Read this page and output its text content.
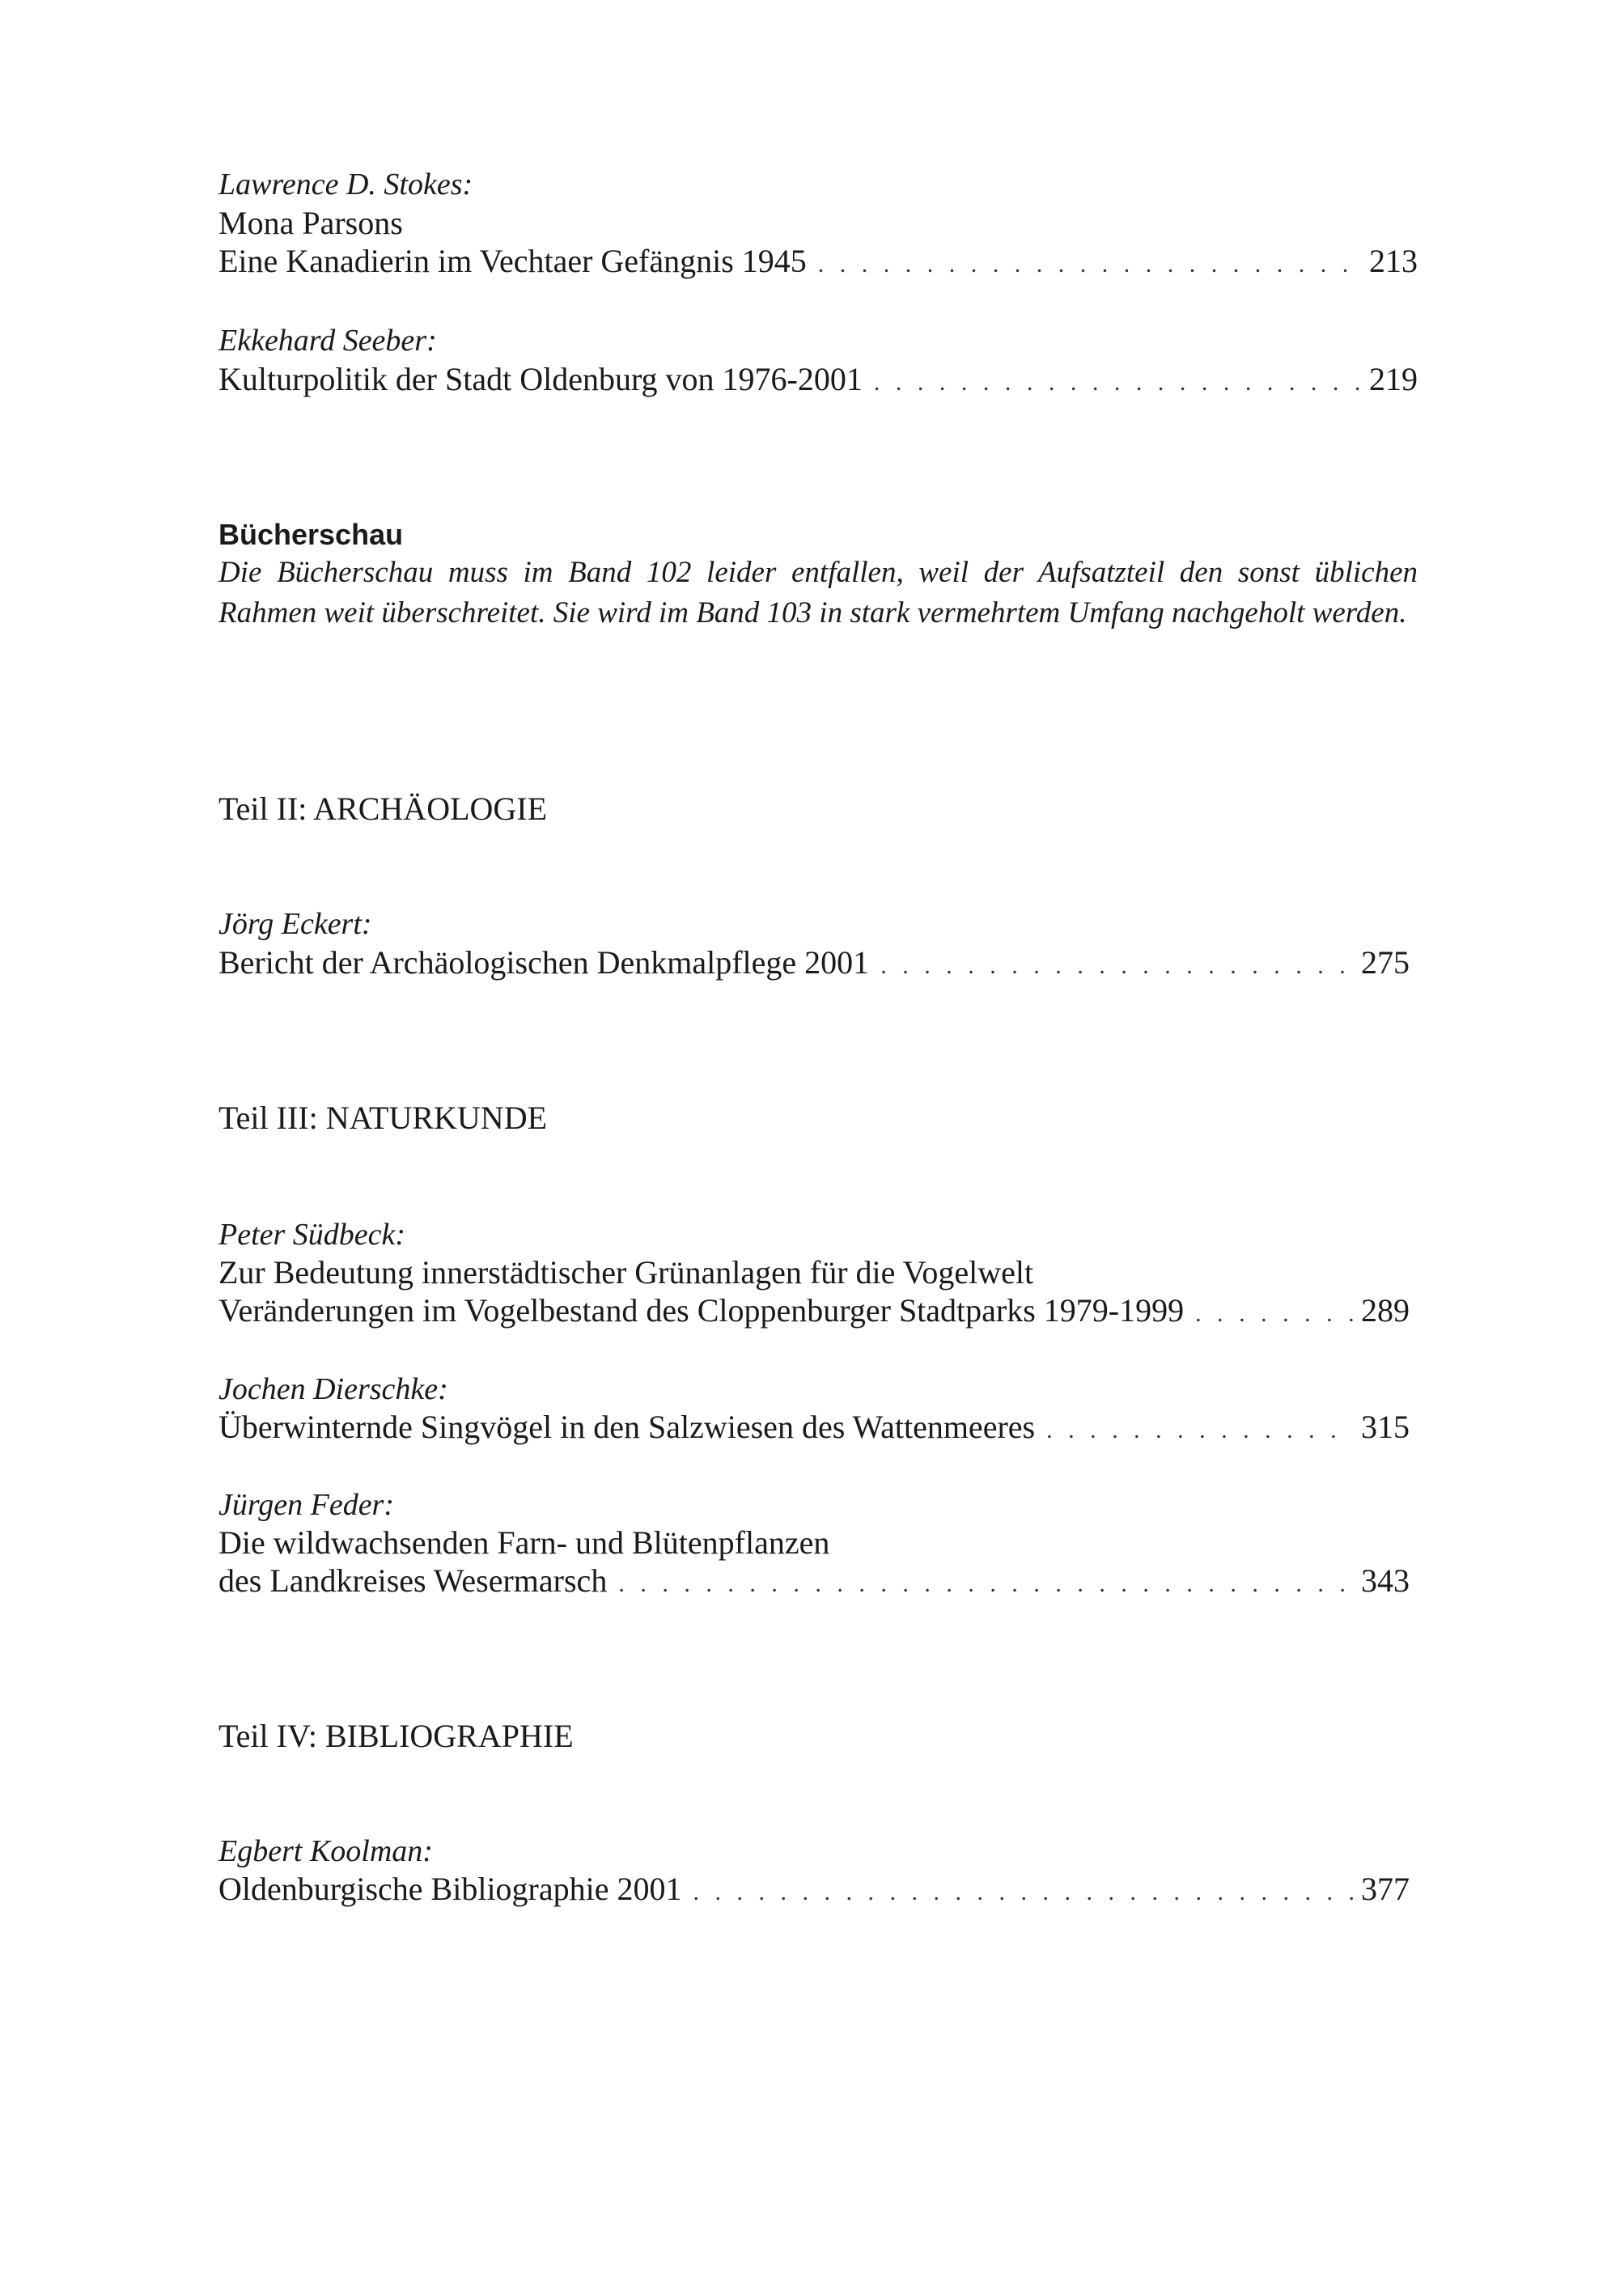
Lawrence D. Stokes:
Mona Parsons
Eine Kanadierin im Vechtaer Gefängnis 1945 . . .	213
Ekkehard Seeber:
Kulturpolitik der Stadt Oldenburg von 1976-2001 . . .	219
Bücherschau
Die Bücherschau muss im Band 102 leider entfallen, weil der Aufsatzteil den sonst üblichen Rahmen weit überschreitet. Sie wird im Band 103 in stark vermehrtem Umfang nachgeholt werden.
Teil II: ARCHÄOLOGIE
Jörg Eckert:
Bericht der Archäologischen Denkmalpflege 2001 . . .	275
Teil III: NATURKUNDE
Peter Südbeck:
Zur Bedeutung innerstädtischer Grünanlagen für die Vogelwelt
Veränderungen im Vogelbestand des Cloppenburger Stadtparks 1979-1999 . . .	289
Jochen Dierschke:
Überwinternde Singvögel in den Salzwiesen des Wattenmeeres . . .	315
Jürgen Feder:
Die wildwachsenden Farn- und Blütenpflanzen
des Landkreises Wesermarsch . . .	343
Teil IV: BIBLIOGRAPHIE
Egbert Koolman:
Oldenburgische Bibliographie 2001 . . .	377
